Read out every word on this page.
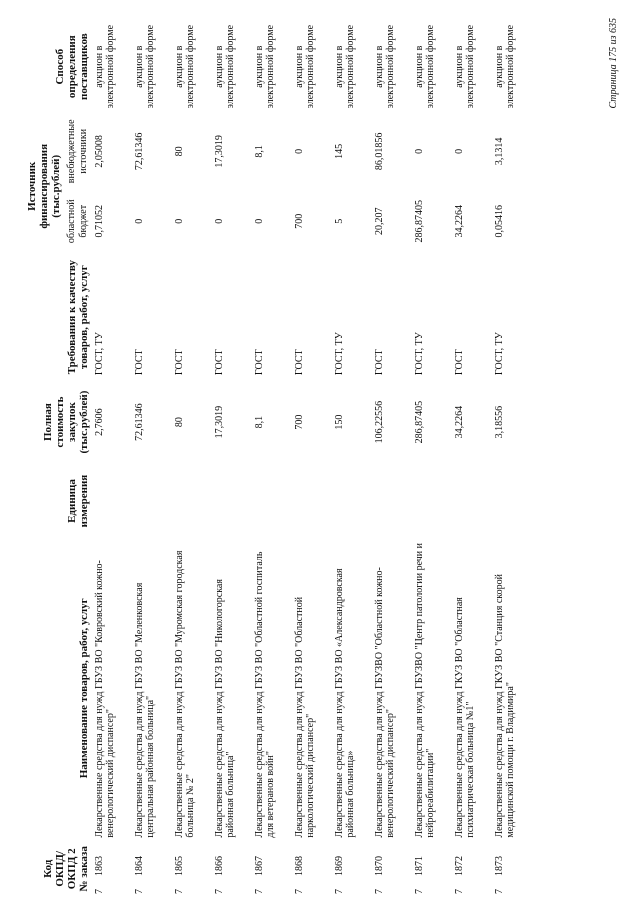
Код ОКПД/ ОКПД 2 № заказа		Наименование товаров, работ, услуг	Единица измерения	Полная стоимость закупок (тыс.рублей)	Требования к качеству товаров, работ, услуг	Источник финансирования (тыс.рублей)		Способ определения поставщиков
						областной бюджет	внебюджетные источники	
7	1863	Лекарственные средства для нужд ГБУЗ ВО "Ковровский кожно-венерологический диспансер"		2,7606	ГОСТ, ТУ	0,71052	2,05008	аукцион в электронной форме
7	1864	Лекарственные средства для нужд ГБУЗ ВО "Меленковская центральная районная больница"		72,61346	ГОСТ	0	72,61346	аукцион в электронной форме
7	1865	Лекарственные средства для нужд ГБУЗ ВО "Муромская городская больница № 2"		80	ГОСТ	0	80	аукцион в электронной форме
7	1866	Лекарственные средства для нужд ГБУЗ ВО "Никологорская районная больница"		17,3019	ГОСТ	0	17,3019	аукцион в электронной форме
7	1867	Лекарственные средства для нужд ГБУЗ ВО "Областной госпиталь для ветеранов войн"		8,1	ГОСТ	0	8,1	аукцион в электронной форме
7	1868	Лекарственные средства для нужд ГБУЗ ВО "Областной наркологический диспансер"		700	ГОСТ	700	0	аукцион в электронной форме
7	1869	Лекарственные средства для нужд ГБУЗ ВО «Александровская районная больница»		150	ГОСТ, ТУ	5	145	аукцион в электронной форме
7	1870	Лекарственные средства для нужд ГБУЗВО "Областной кожно-венерологический диспансер"		106,22556	ГОСТ	20,207	86,01856	аукцион в электронной форме
7	1871	Лекарственные средства для нужд ГБУЗВО "Центр патологии речи и нейрореабилитации"		286,87405	ГОСТ, ТУ	286,87405	0	аукцион в электронной форме
7	1872	Лекарственные средства для нужд ГКУЗ ВО "Областная психиатрическая больница №1"		34,2264	ГОСТ	34,2264	0	аукцион в электронной форме
7	1873	Лекарственные средства для нужд ГКУЗ ВО "Станция скорой медицинской помощи г. Владимира"		3,18556	ГОСТ, ТУ	0,05416	3,1314	аукцион в электронной форме	Страница 175 из 635
